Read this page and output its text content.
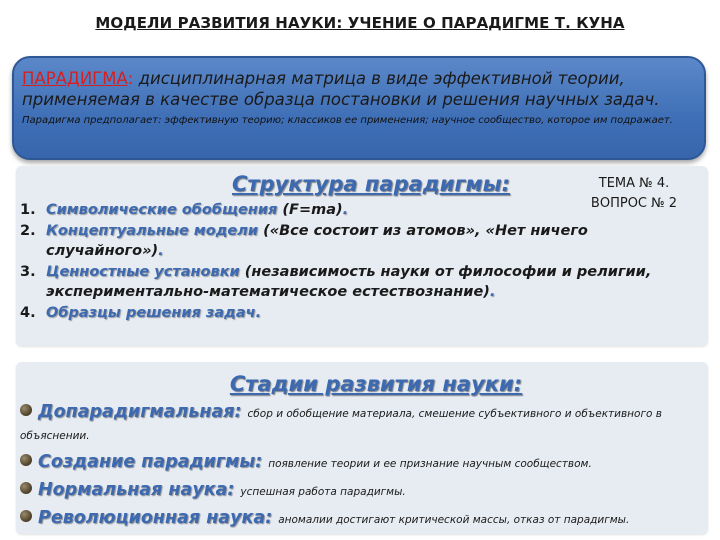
МОДЕЛИ РАЗВИТИЯ НАУКИ: УЧЕНИЕ О ПАРАДИГМЕ Т. КУНА
ПАРАДИГМА: дисциплинарная матрица в виде эффективной теории,
применяемая в качестве образца постановки и решения научных задач.
Парадигма предполагает: эффективную теорию; классиков ее применения; научное сообщество, которое им подражает.
Структура парадигмы:	ТЕМА № 4.
ВОПРОС № 2
1. Символические обобщения (F=ma).
2. Концептуальные модели («Все состоит из атомов», «Нет ничего случайного»).
3. Ценностные установки (независимость науки от философии и религии, экспериментально-математическое естествознание).
4. Образцы решения задач.
Стадии развития науки:
Допарадигмальная: сбор и обобщение материала, смешение субъективного и объективного в объяснении.
Создание парадигмы: появление теории и ее признание научным сообществом.
Нормальная наука: успешная работа парадигмы.
Революционная наука: аномалии достигают критической массы, отказ от парадигмы.
